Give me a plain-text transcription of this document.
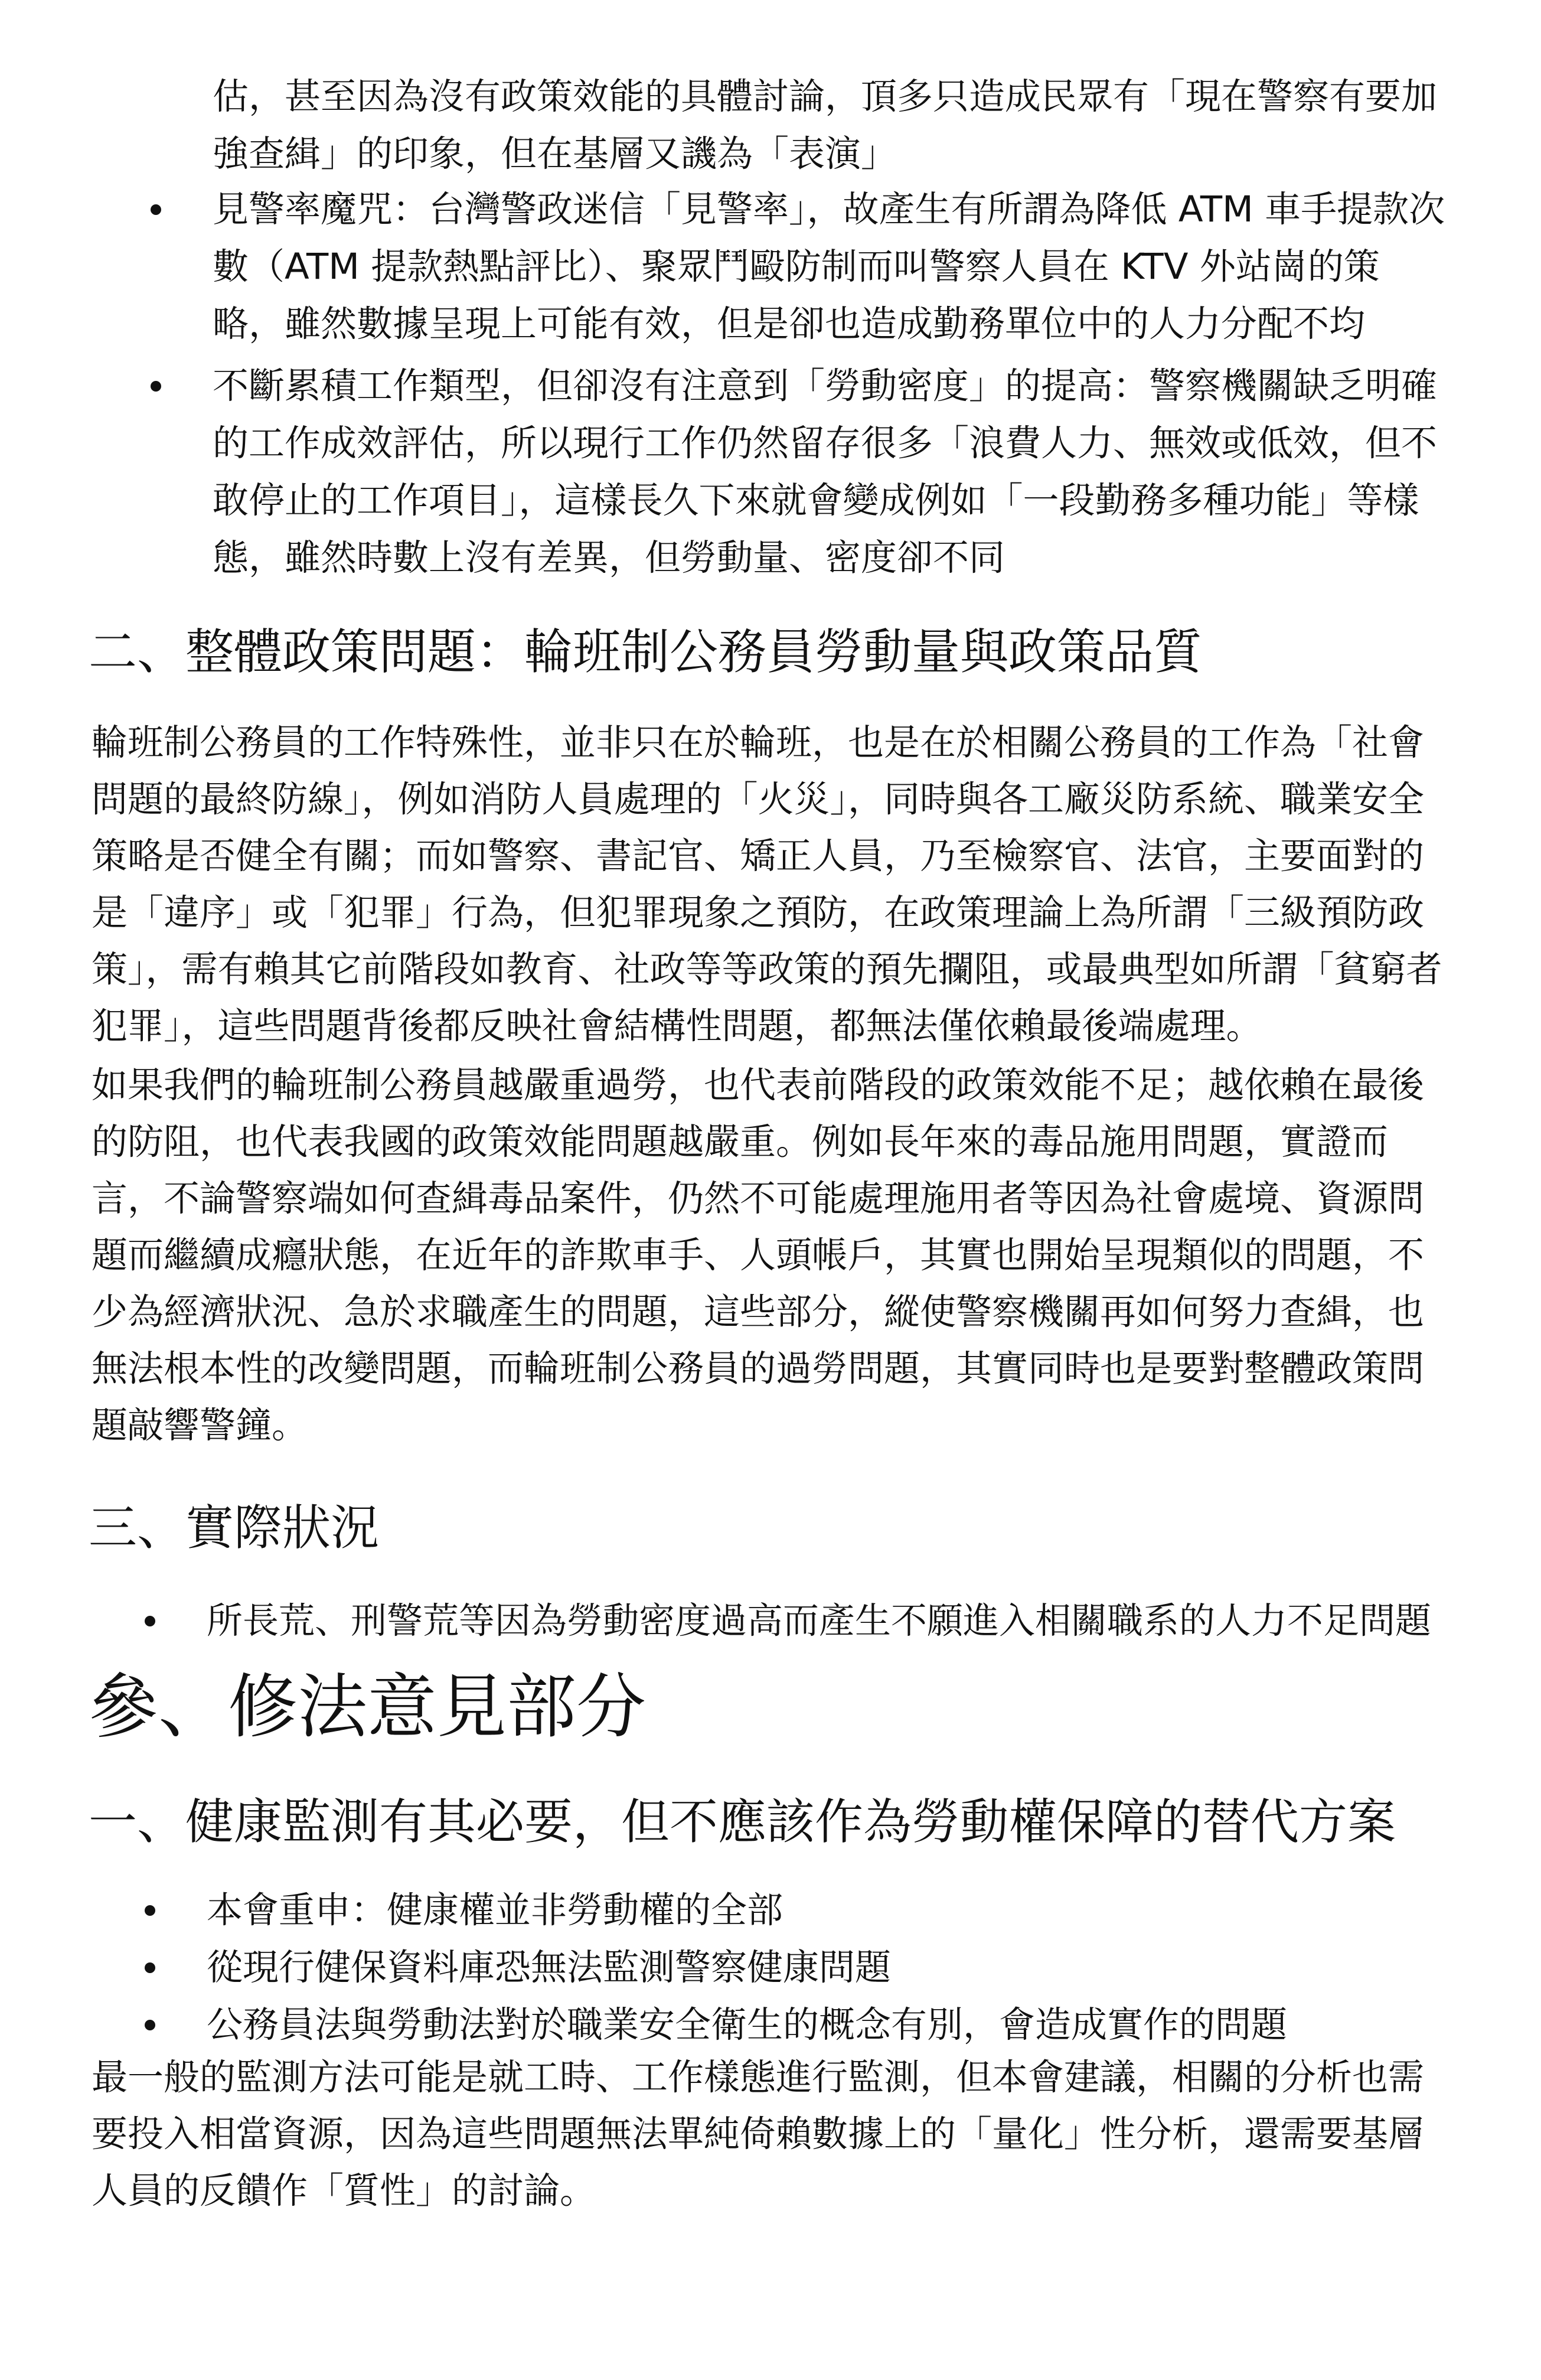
估，甚至因為沒有政策效能的具體討論，頂多只造成民眾有「現在警察有要加強查緝」的印象，但在基層又譏為「表演」

見警率魔咒：台灣警政迷信「見警率」，故產生有所謂為降低 ATM 車手提款次數（ATM 提款熱點評比）、聚眾鬥毆防制而叫警察人員在 KTV 外站崗的策略，雖然數據呈現上可能有效，但是卻也造成勤務單位中的人力分配不均

不斷累積工作類型，但卻沒有注意到「勞動密度」的提高：警察機關缺乏明確的工作成效評估，所以現行工作仍然留存很多「浪費人力、無效或低效，但不敢停止的工作項目」，這樣長久下來就會變成例如「一段勤務多種功能」等樣態，雖然時數上沒有差異，但勞動量、密度卻不同

二、整體政策問題：輪班制公務員勞動量與政策品質

輪班制公務員的工作特殊性，並非只在於輪班，也是在於相關公務員的工作為「社會問題的最終防線」，例如消防人員處理的「火災」，同時與各工廠災防系統、職業安全策略是否健全有關；而如警察、書記官、矯正人員，乃至檢察官、法官，主要面對的是「違序」或「犯罪」行為，但犯罪現象之預防，在政策理論上為所謂「三級預防政策」，需有賴其它前階段如教育、社政等等政策的預先攔阻，或最典型如所謂「貧窮者犯罪」，這些問題背後都反映社會結構性問題，都無法僅依賴最後端處理。

如果我們的輪班制公務員越嚴重過勞，也代表前階段的政策效能不足；越依賴在最後的防阻，也代表我國的政策效能問題越嚴重。例如長年來的毒品施用問題，實證而言，不論警察端如何查緝毒品案件，仍然不可能處理施用者等因為社會處境、資源問題而繼續成癮狀態，在近年的詐欺車手、人頭帳戶，其實也開始呈現類似的問題，不少為經濟狀況、急於求職產生的問題，這些部分，縱使警察機關再如何努力查緝，也無法根本性的改變問題，而輪班制公務員的過勞問題，其實同時也是要對整體政策問題敲響警鐘。

三、實際狀況

所長荒、刑警荒等因為勞動密度過高而產生不願進入相關職系的人力不足問題

參、修法意見部分
一、健康監測有其必要，但不應該作為勞動權保障的替代方案

本會重申：健康權並非勞動權的全部

從現行健保資料庫恐無法監測警察健康問題

公務員法與勞動法對於職業安全衛生的概念有別，會造成實作的問題

最一般的監測方法可能是就工時、工作樣態進行監測，但本會建議，相關的分析也需要投入相當資源，因為這些問題無法單純倚賴數據上的「量化」性分析，還需要基層人員的反饋作「質性」的討論。
